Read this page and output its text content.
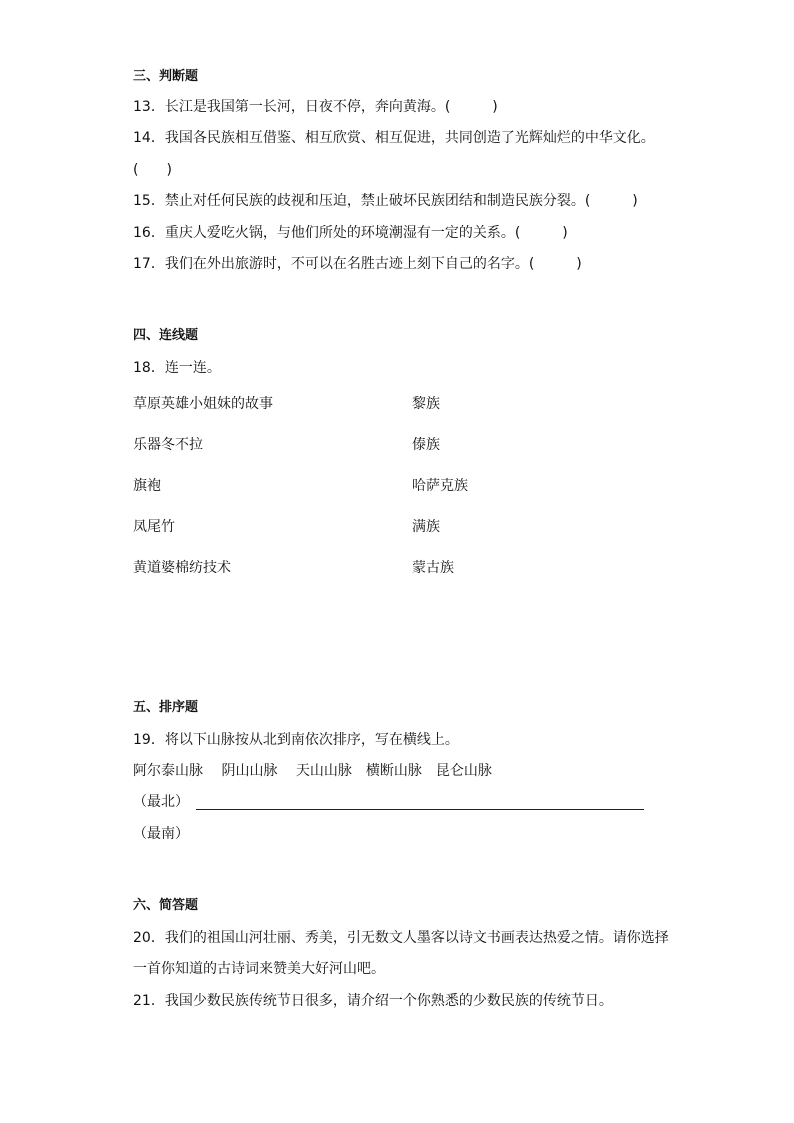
三、判断题
13．长江是我国第一长河，日夜不停，奔向黄海。(　　　)
14．我国各民族相互借鉴、相互欣赏、相互促进，共同创造了光辉灿烂的中华文化。
(　　)
15．禁止对任何民族的歧视和压迫，禁止破坏民族团结和制造民族分裂。(　　　)
16．重庆人爱吃火锅，与他们所处的环境潮湿有一定的关系。(　　　)
17．我们在外出旅游时，不可以在名胜古迹上刻下自己的名字。(　　　)
四、连线题
18．连一连。
草原英雄小姐妹的故事
乐器冬不拉
旗袍
凤尾竹
黄道婆棉纺技术
黎族
傣族
哈萨克族
满族
蒙古族
五、排序题
19．将以下山脉按从北到南依次排序，写在横线上。
阿尔泰山脉　 阴山山脉　 天山山脉　横断山脉　昆仑山脉
（最北）
（最南）
六、简答题
20．我们的祖国山河壮丽、秀美，引无数文人墨客以诗文书画表达热爱之情。请你选择
一首你知道的古诗词来赞美大好河山吧。
21．我国少数民族传统节日很多，请介绍一个你熟悉的少数民族的传统节日。
